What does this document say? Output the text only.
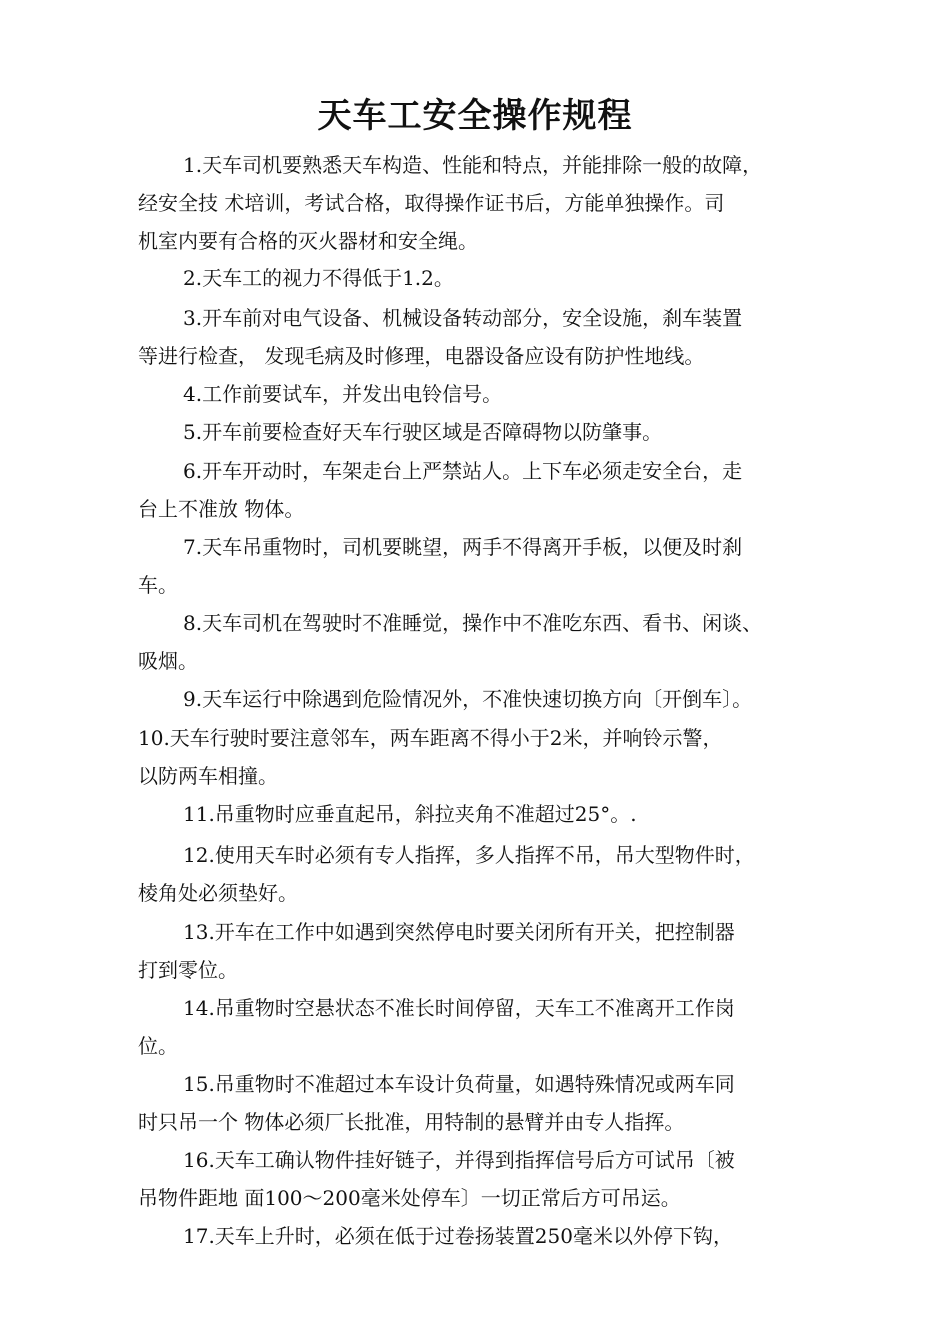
天车工安全操作规程
1.天车司机要熟悉天车构造、性能和特点，并能排除一般的故障，
经安全技 术培训，考试合格，取得操作证书后，方能单独操作。司
机室内要有合格的灭火器材和安全绳。
2.天车工的视力不得低于1.2。
3.开车前对电气设备、机械设备转动部分，安全设施，刹车装置
等进行检查， 发现毛病及时修理，电器设备应设有防护性地线。
4.工作前要试车，并发出电铃信号。
5.开车前要检查好天车行驶区域是否障碍物以防肇事。
6.开车开动时，车架走台上严禁站人。上下车必须走安全台，走
台上不准放 物体。
7.天车吊重物时，司机要眺望，两手不得离开手板，以便及时刹
车。
8.天车司机在驾驶时不准睡觉，操作中不准吃东西、看书、闲谈、
吸烟。
9.天车运行中除遇到危险情况外，不准快速切换方向〔开倒车〕。
10.天车行驶时要注意邻车，两车距离不得小于2米，并响铃示警，
以防两车相撞。
11.吊重物时应垂直起吊，斜拉夹角不准超过25°。.
12.使用天车时必须有专人指挥，多人指挥不吊，吊大型物件时，
棱角处必须垫好。
13.开车在工作中如遇到突然停电时要关闭所有开关，把控制器
打到零位。
14.吊重物时空悬状态不准长时间停留，天车工不准离开工作岗
位。
15.吊重物时不准超过本车设计负荷量，如遇特殊情况或两车同
时只吊一个 物体必须厂长批准，用特制的悬臂并由专人指挥。
16.天车工确认物件挂好链子，并得到指挥信号后方可试吊〔被
吊物件距地 面100〜200毫米处停车〕一切正常后方可吊运。
17.天车上升时，必须在低于过卷扬装置250毫米以外停下钩，
